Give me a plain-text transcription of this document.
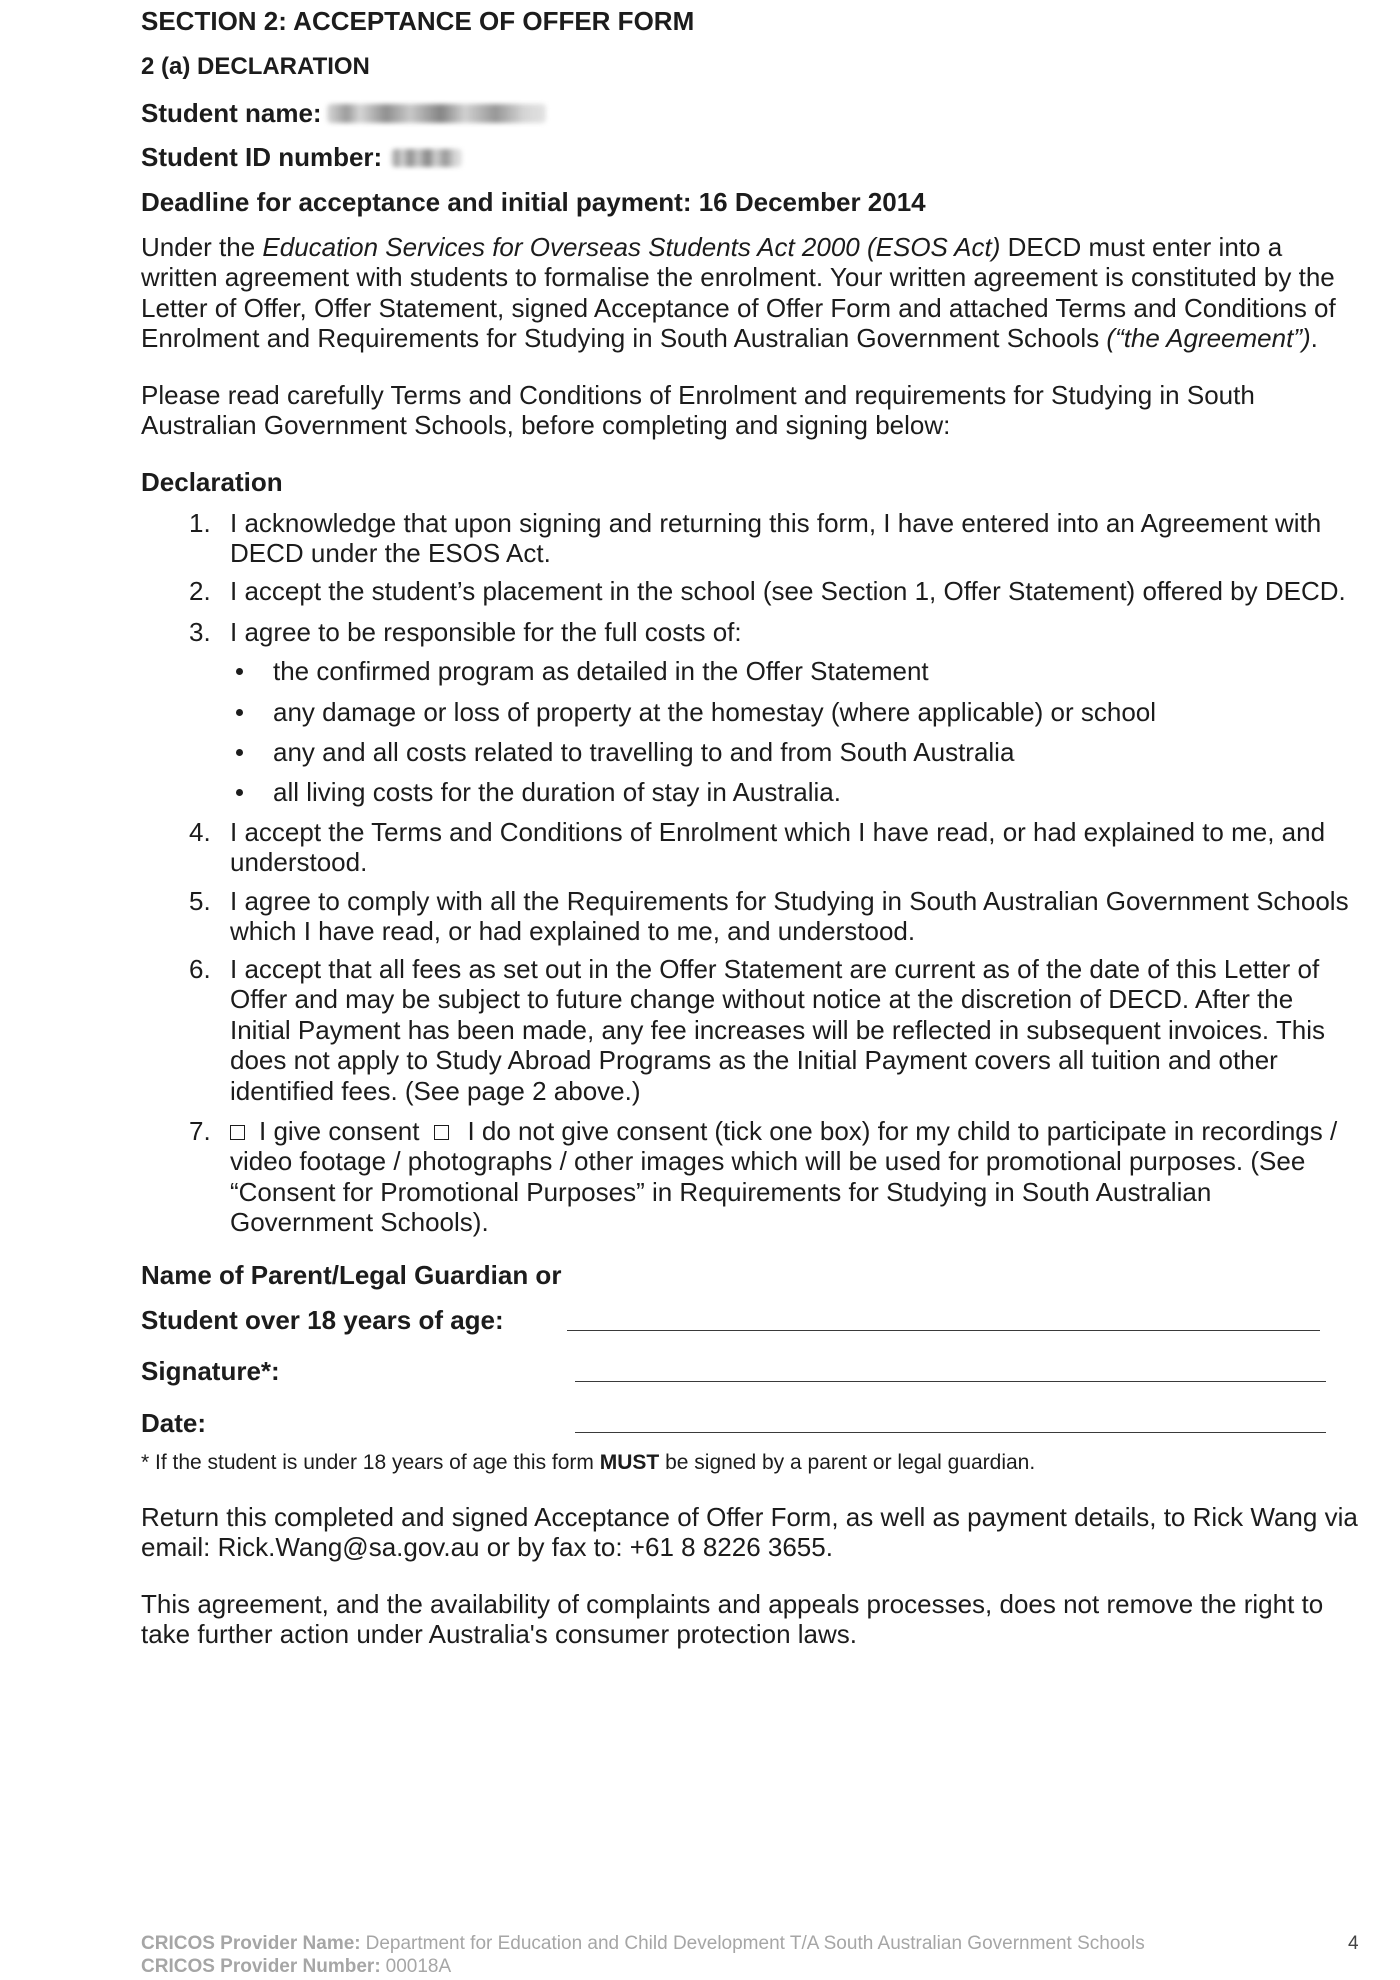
SECTION 2: ACCEPTANCE OF OFFER FORM
2 (a) DECLARATION
Student name:
Student ID number:
Deadline for acceptance and initial payment: 16 December 2014
Under the Education Services for Overseas Students Act 2000 (ESOS Act) DECD must enter into a
written agreement with students to formalise the enrolment. Your written agreement is constituted by the
Letter of Offer, Offer Statement, signed Acceptance of Offer Form and attached Terms and Conditions of
Enrolment and Requirements for Studying in South Australian Government Schools (“the Agreement”).
Please read carefully Terms and Conditions of Enrolment and requirements for Studying in South
Australian Government Schools, before completing and signing below:
Declaration
1. I acknowledge that upon signing and returning this form, I have entered into an Agreement with
DECD under the ESOS Act.
2. I accept the student’s placement in the school (see Section 1, Offer Statement) offered by DECD.
3. I agree to be responsible for the full costs of:
the confirmed program as detailed in the Offer Statement
any damage or loss of property at the homestay (where applicable) or school
any and all costs related to travelling to and from South Australia
all living costs for the duration of stay in Australia.
4. I accept the Terms and Conditions of Enrolment which I have read, or had explained to me, and
understood.
5. I agree to comply with all the Requirements for Studying in South Australian Government Schools
which I have read, or had explained to me, and understood.
6. I accept that all fees as set out in the Offer Statement are current as of the date of this Letter of
Offer and may be subject to future change without notice at the discretion of DECD. After the
Initial Payment has been made, any fee increases will be reflected in subsequent invoices. This
does not apply to Study Abroad Programs as the Initial Payment covers all tuition and other
identified fees. (See page 2 above.)
7.	I give consent I do not give consent (tick one box) for my child to participate in recordings /
video footage / photographs / other images which will be used for promotional purposes. (See
“Consent for Promotional Purposes” in Requirements for Studying in South Australian
Government Schools).
Name of Parent/Legal Guardian or
Student over 18 years of age:
Signature*:
Date:
* If the student is under 18 years of age this form MUST be signed by a parent or legal guardian.
Return this completed and signed Acceptance of Offer Form, as well as payment details, to Rick Wang via
email: Rick.Wang@sa.gov.au or by fax to: +61 8 8226 3655.
This agreement, and the availability of complaints and appeals processes, does not remove the right to
take further action under Australia's consumer protection laws.
CRICOS Provider Name: Department for Education and Child Development T/A South Australian Government Schools
CRICOS Provider Number: 00018A
4
